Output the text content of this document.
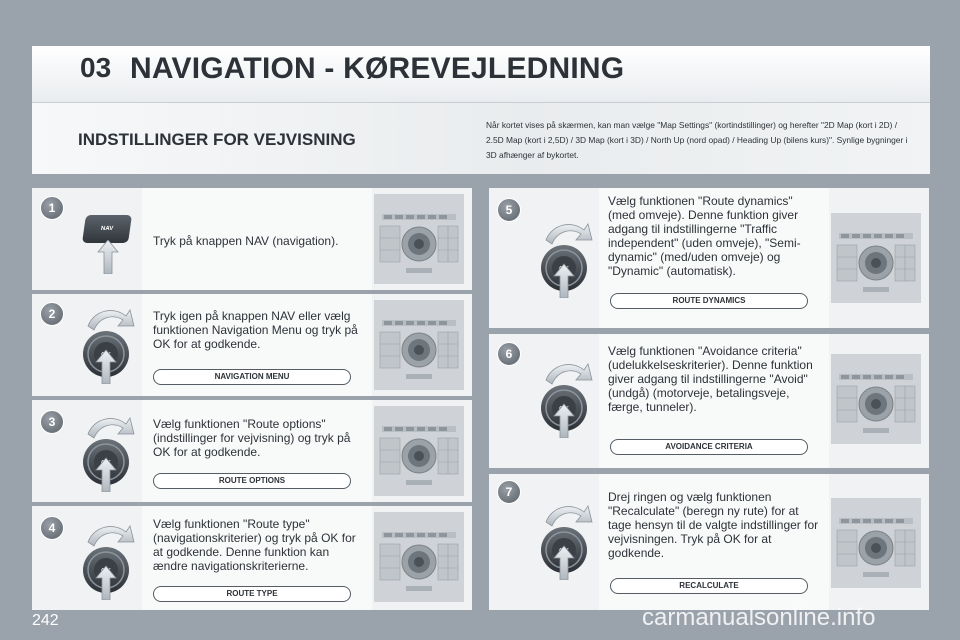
03 NAVIGATION - KØREVEJLEDNING
INDSTILLINGER FOR VEJVISNING

Når kortet vises på skærmen, kan man vælge "Map Settings" (kortindstillinger) og herefter "2D Map (kort i 2D) / 2.5D Map (kort i 2,5D) / 3D Map (kort i 3D) / North Up (nord opad) / Heading Up (bilens kurs)". Synlige bygninger i 3D afhænger af bykortet.

1
NAV

Tryk på knappen NAV (navigation).

2	Tryk igen på knappen NAV eller vælg funktionen Navigation Menu og tryk på OK for at godkende.

NAVIGATION MENU
3	Vælg funktionen "Route options" (indstillinger for vejvisning) og tryk på OK for at godkende.

ROUTE OPTIONS
4	Vælg funktionen "Route type" (navigationskriterier) og tryk på OK for at godkende. Denne funktion kan ændre navigationskriterierne.

ROUTE TYPE
5

Vælg funktionen "Route dynamics" (med omveje). Denne funktion giver adgang til indstillingerne "Traffic independent" (uden omveje), "Semi-dynamic" (med/uden omveje) og "Dynamic" (automatisk).

ROUTE DYNAMICS
6	Vælg funktionen "Avoidance criteria" (udelukkelseskriterier). Denne funktion giver adgang til indstillingerne "Avoid" (undgå) (motorveje, betalingsveje, færge, tunneler).

AVOIDANCE CRITERIA
7	Drej ringen og vælg funktionen "Recalculate" (beregn ny rute) for at tage hensyn til de valgte indstillinger for vejvisningen. Tryk på OK for at godkende.

RECALCULATE

242	carmanualsonline.info
